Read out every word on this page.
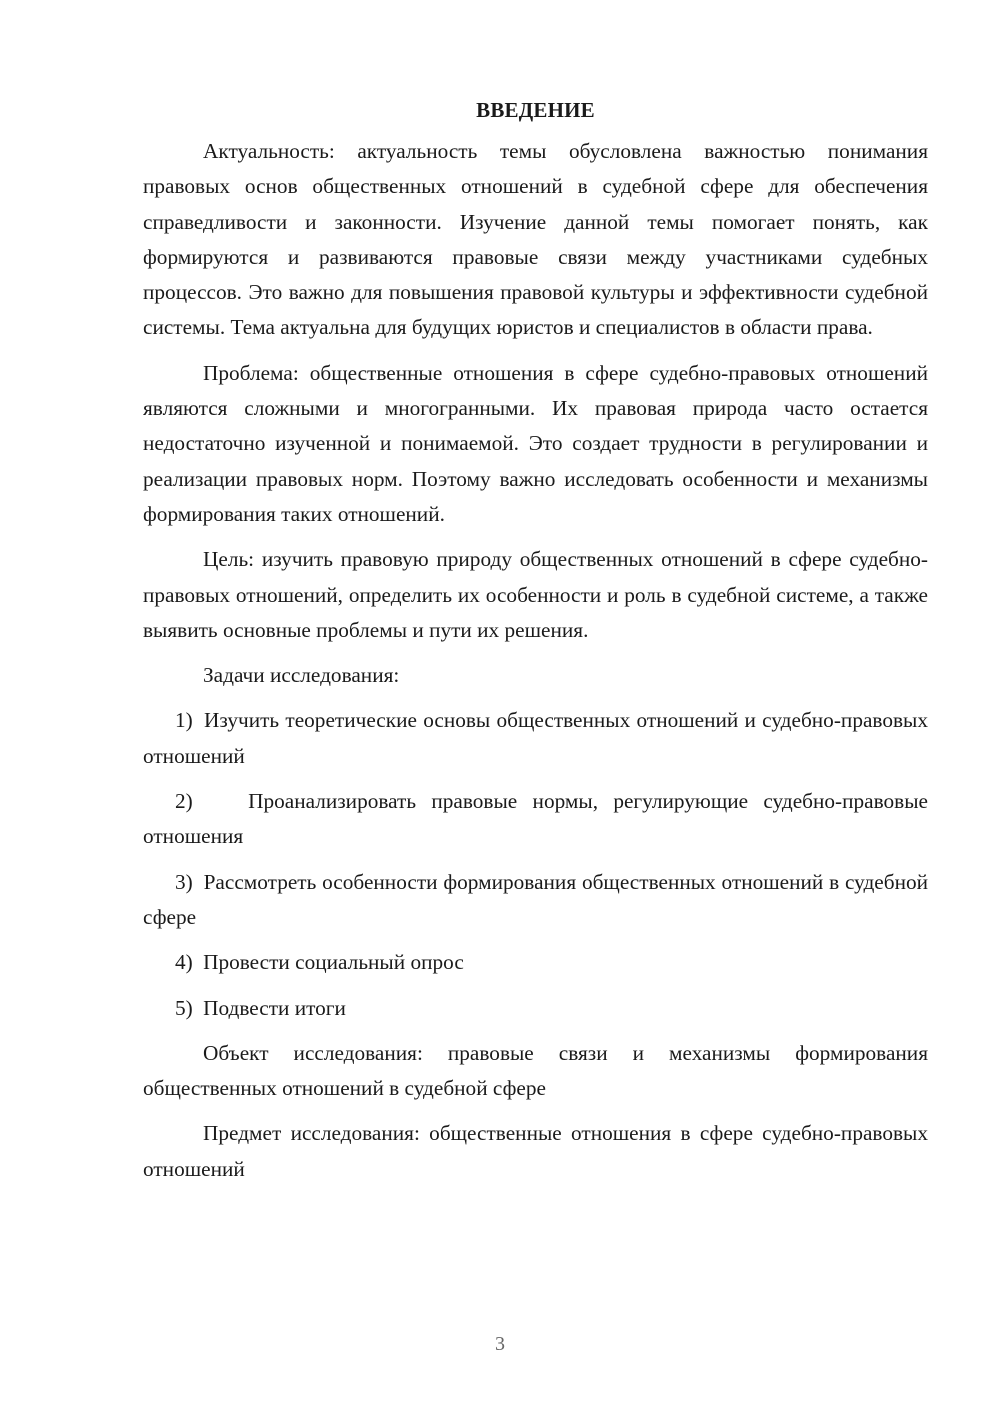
ВВЕДЕНИЕ

Актуальность: актуальность темы обусловлена важностью понимания правовых основ общественных отношений в судебной сфере для обеспечения справедливости и законности. Изучение данной темы помогает понять, как формируются и развиваются правовые связи между участниками судебных процессов. Это важно для повышения правовой культуры и эффективности судебной системы. Тема актуальна для будущих юристов и специалистов в области права.

Проблема: общественные отношения в сфере судебно-правовых отношений являются сложными и многогранными. Их правовая природа часто остается недостаточно изученной и понимаемой. Это создает трудности в регулировании и реализации правовых норм. Поэтому важно исследовать особенности и механизмы формирования таких отношений.

Цель: изучить правовую природу общественных отношений в сфере судебно-правовых отношений, определить их особенности и роль в судебной системе, а также выявить основные проблемы и пути их решения.

Задачи исследования:

1) Изучить теоретические основы общественных отношений и судебно-правовых отношений

2)	Проанализировать правовые нормы, регулирующие судебно-правовые отношения

3) Рассмотреть особенности формирования общественных отношений в судебной сфере

4) Провести социальный опрос

5) Подвести итоги

Объект исследования: правовые связи и механизмы формирования общественных отношений в судебной сфере

Предмет исследования: общественные отношения в сфере судебно-правовых отношений

3
